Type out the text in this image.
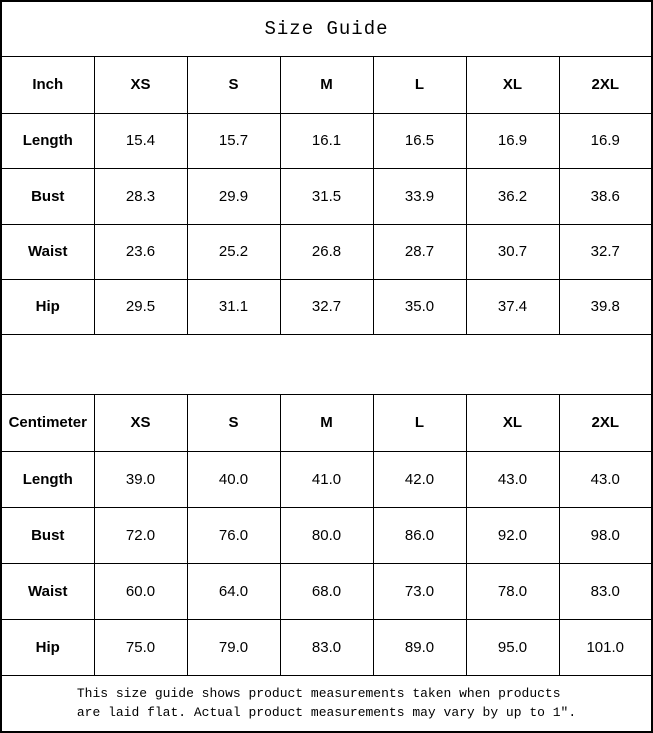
Size Guide						
Inch	XS	S	M	L	XL	2XL
Length	15.4	15.7	16.1	16.5	16.9	16.9
Bust	28.3	29.9	31.5	33.9	36.2	38.6
Waist	23.6	25.2	26.8	28.7	30.7	32.7
Hip	29.5	31.1	32.7	35.0	37.4	39.8

Centimeter	XS	S	M	L	XL	2XL
Length	39.0	40.0	41.0	42.0	43.0	43.0
Bust	72.0	76.0	80.0	86.0	92.0	98.0
Waist	60.0	64.0	68.0	73.0	78.0	83.0
Hip	75.0	79.0	83.0	89.0	95.0	101.0
This size guide shows product measurements taken when products
are laid flat. Actual product measurements may vary by up to 1″.						
